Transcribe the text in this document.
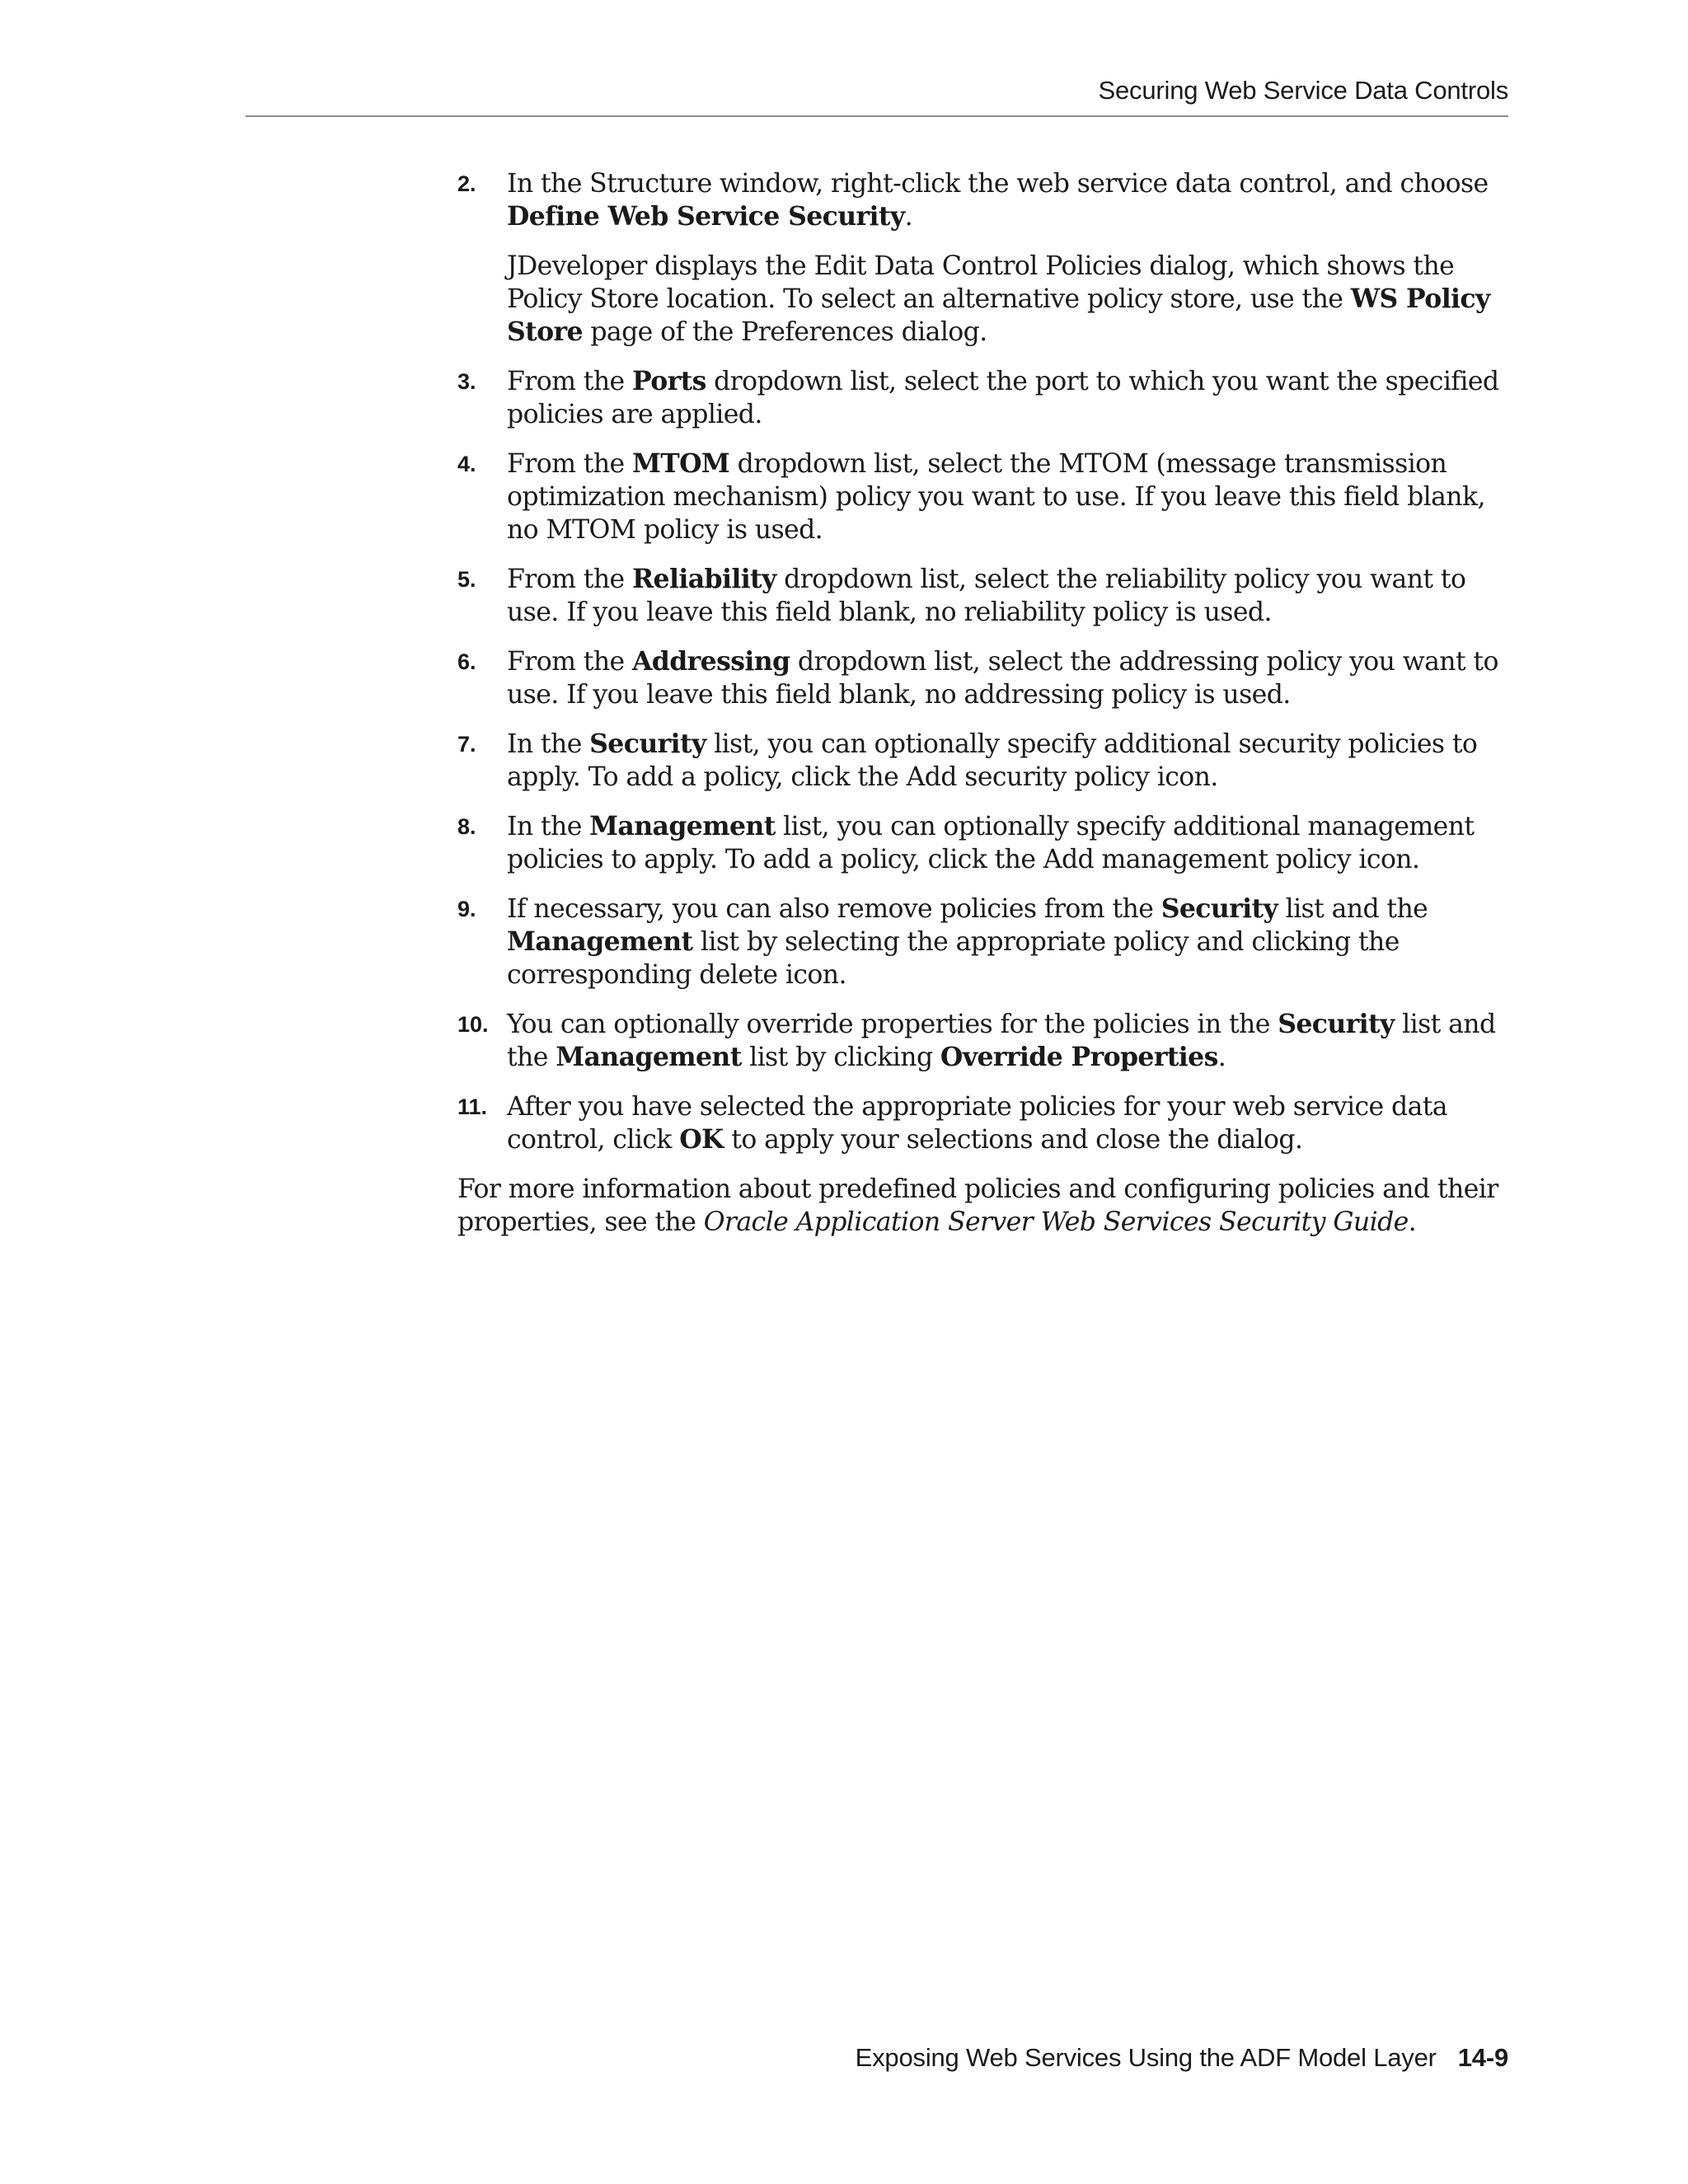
Securing Web Service Data Controls
2.	In the Structure window, right-click the web service data control, and choose Define Web Service Security.

JDeveloper displays the Edit Data Control Policies dialog, which shows the Policy Store location. To select an alternative policy store, use the WS Policy Store page of the Preferences dialog.

3.	From the Ports dropdown list, select the port to which you want the specified policies are applied.

4.	From the MTOM dropdown list, select the MTOM (message transmission optimization mechanism) policy you want to use. If you leave this field blank, no MTOM policy is used.

5.	From the Reliability dropdown list, select the reliability policy you want to use. If you leave this field blank, no reliability policy is used.

6.	From the Addressing dropdown list, select the addressing policy you want to use. If you leave this field blank, no addressing policy is used.

7.	In the Security list, you can optionally specify additional security policies to apply. To add a policy, click the Add security policy icon.

8.	In the Management list, you can optionally specify additional management policies to apply. To add a policy, click the Add management policy icon.

9.	If necessary, you can also remove policies from the Security list and the Management list by selecting the appropriate policy and clicking the corresponding delete icon.

10. You can optionally override properties for the policies in the Security list and the Management list by clicking Override Properties.

11. After you have selected the appropriate policies for your web service data control, click OK to apply your selections and close the dialog.

For more information about predefined policies and configuring policies and their properties, see the Oracle Application Server Web Services Security Guide.

Exposing Web Services Using the ADF Model Layer 14-9
